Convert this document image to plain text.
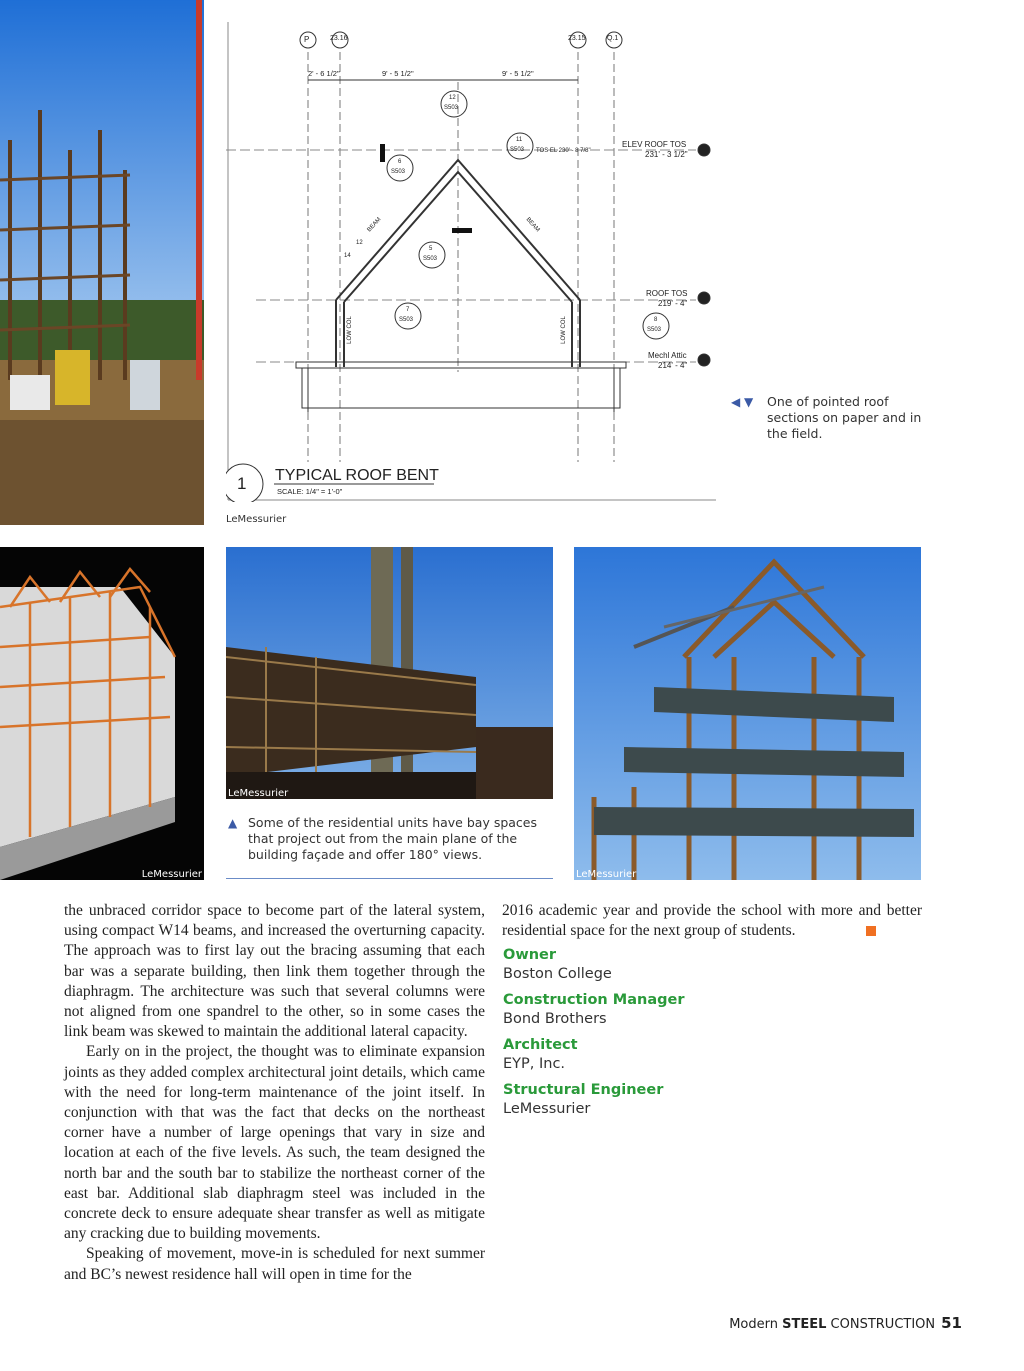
P	23.16	23.15	Q.1
2' - 6 1/2"	9' - 5 1/2"	9' - 5 1/2"
12
S503
11
S503 TOS EL 230' - 8 7/8"
6
S503
5
S503
7
S503	8
S503
BEAM	BEAM
12
14
LOW COL	LOW COL
ELEV ROOF TOS
231' - 3 1/2"
ROOF TOS
219' - 4"
Mechl Attic
214' - 4"
1 TYPICAL ROOF BENT
SCALE: 1/4" = 1'-0"
LeMessurier
◀ ▼ One of pointed roof sections on paper and in the field.
LeMessurier
LeMessurier
▲ Some of the residential units have bay spaces that project out from the main plane of the building façade and offer 180° views.
LeMessurier

the unbraced corridor space to become part of the lateral system, using compact W14 beams, and increased the overturning capacity. The approach was to first lay out the bracing assuming that each bar was a separate building, then link them together through the diaphragm. The architecture was such that several columns were not aligned from one spandrel to the other, so in some cases the link beam was skewed to maintain the additional lateral capacity.

Early on in the project, the thought was to eliminate expansion joints as they added complex architectural joint details, which came with the need for long-term maintenance of the joint itself. In conjunction with that was the fact that decks on the northeast corner have a number of large openings that vary in size and location at each of the five levels. As such, the team designed the north bar and the south bar to stabilize the northeast corner of the east bar. Additional slab diaphragm steel was included in the concrete deck to ensure adequate shear transfer as well as mitigate any cracking due to building movements.

Speaking of movement, move-in is scheduled for next summer and BC’s newest residence hall will open in time for the

2016 academic year and provide the school with more and better residential space for the next group of students.

Owner
Boston College
Construction Manager
Bond Brothers
Architect
EYP, Inc.
Structural Engineer
LeMessurier
Modern STEEL CONSTRUCTION 51
